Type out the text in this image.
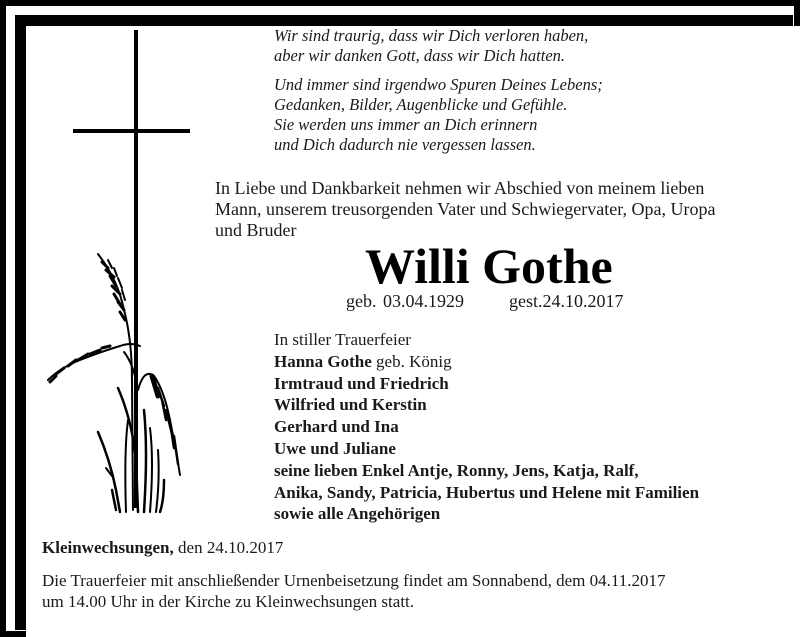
Wir sind traurig, dass wir Dich verloren haben,
aber wir danken Gott, dass wir Dich hatten.
Und immer sind irgendwo Spuren Deines Lebens;
Gedanken, Bilder, Augenblicke und Gefühle.
Sie werden uns immer an Dich erinnern
und Dich dadurch nie vergessen lassen.
In Liebe und Dankbarkeit nehmen wir Abschied von meinem lieben
Mann, unserem treusorgenden Vater und Schwiegervater, Opa, Uropa
und Bruder
Willi Gothe
geb. 03.04.1929	gest.24.10.2017
In stiller Trauerfeier
Hanna Gothe geb. König
Irmtraud und Friedrich
Wilfried und Kerstin
Gerhard und Ina
Uwe und Juliane
seine lieben Enkel Antje, Ronny, Jens, Katja, Ralf,
Anika, Sandy, Patricia, Hubertus und Helene mit Familien
sowie alle Angehörigen
Kleinwechsungen, den 24.10.2017
Die Trauerfeier mit anschließender Urnenbeisetzung findet am Sonnabend, dem 04.11.2017
um 14.00 Uhr in der Kirche zu Kleinwechsungen statt.
